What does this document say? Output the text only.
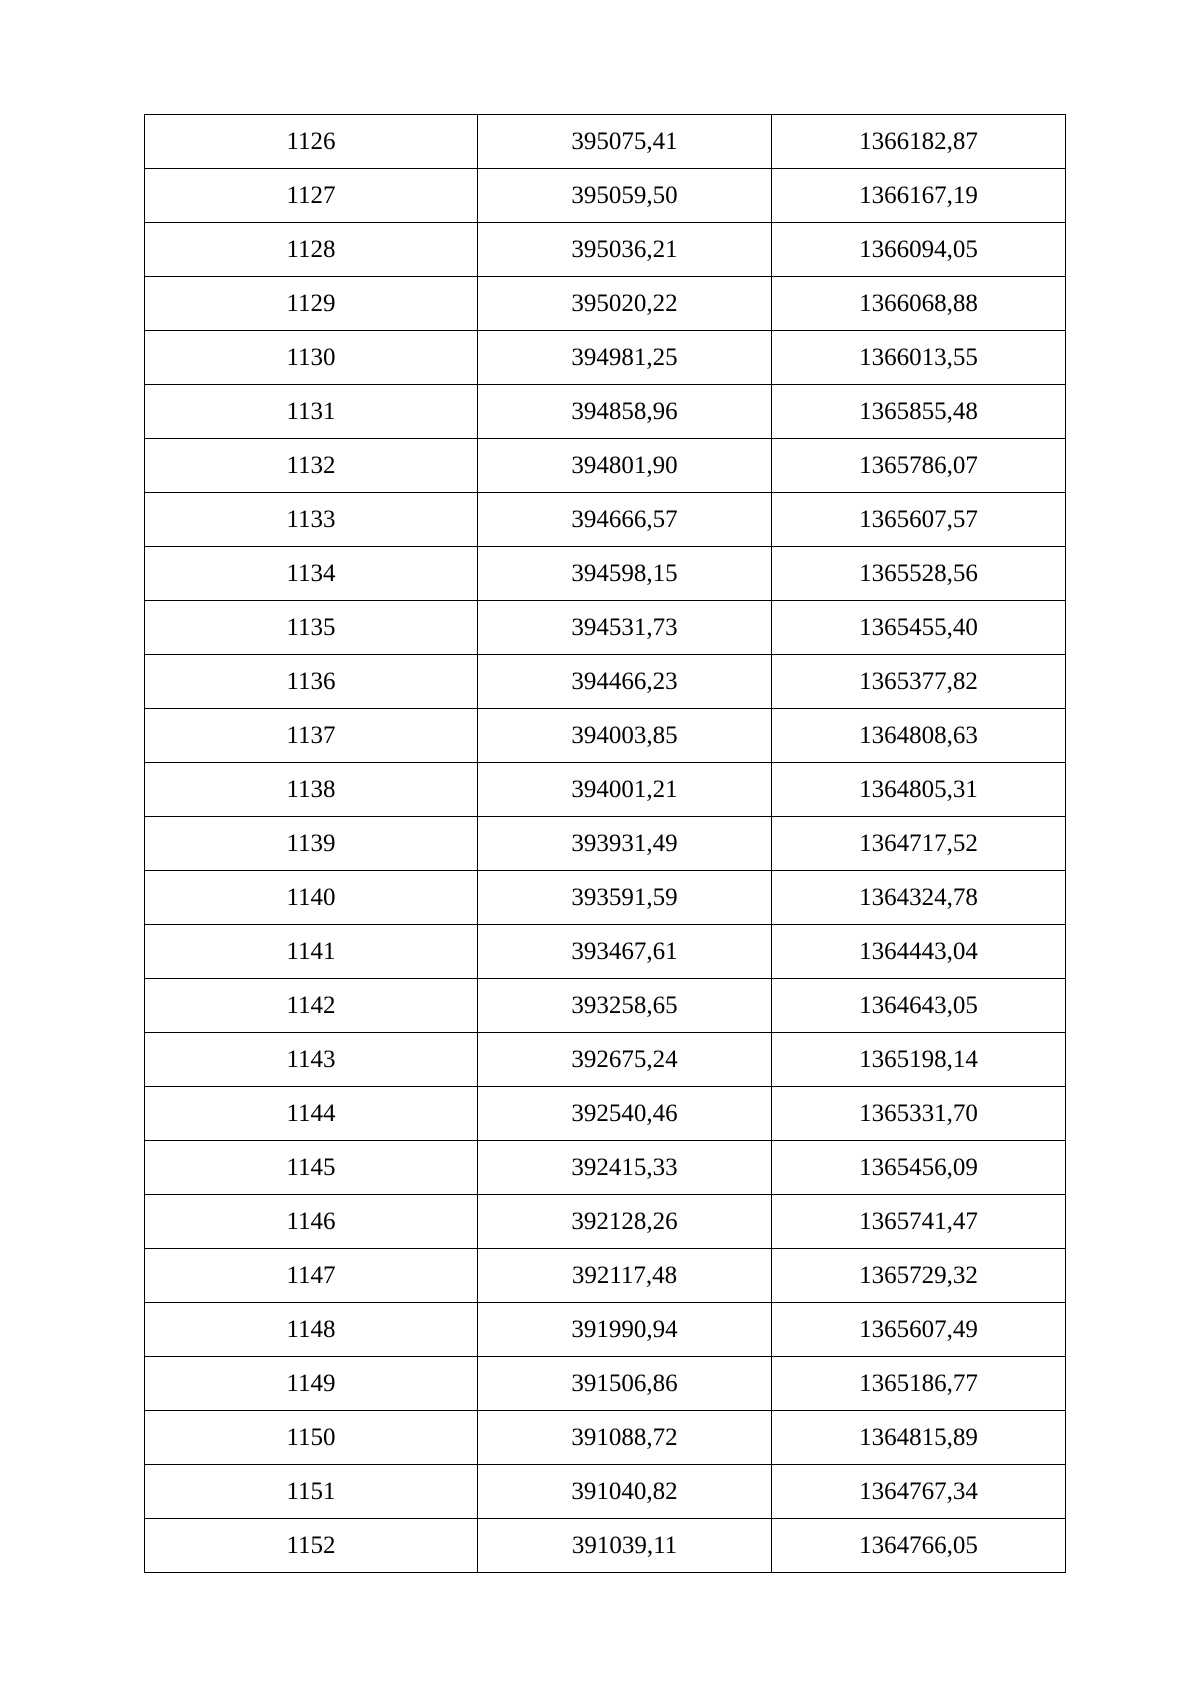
1126	395075,41	1366182,87
1127	395059,50	1366167,19
1128	395036,21	1366094,05
1129	395020,22	1366068,88
1130	394981,25	1366013,55
1131	394858,96	1365855,48
1132	394801,90	1365786,07
1133	394666,57	1365607,57
1134	394598,15	1365528,56
1135	394531,73	1365455,40
1136	394466,23	1365377,82
1137	394003,85	1364808,63
1138	394001,21	1364805,31
1139	393931,49	1364717,52
1140	393591,59	1364324,78
1141	393467,61	1364443,04
1142	393258,65	1364643,05
1143	392675,24	1365198,14
1144	392540,46	1365331,70
1145	392415,33	1365456,09
1146	392128,26	1365741,47
1147	392117,48	1365729,32
1148	391990,94	1365607,49
1149	391506,86	1365186,77
1150	391088,72	1364815,89
1151	391040,82	1364767,34
1152	391039,11	1364766,05
